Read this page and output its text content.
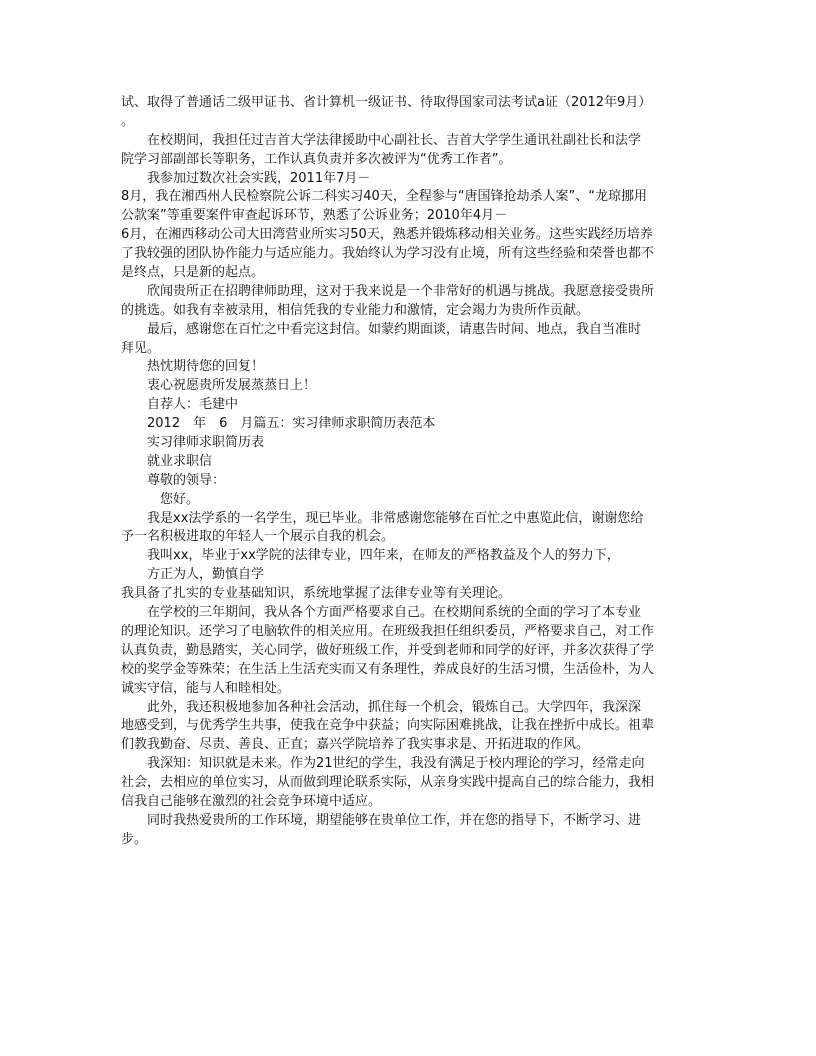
试、取得了普通话二级甲证书、省计算机一级证书、待取得国家司法考试a证（2012年9月）
。
　　在校期间，我担任过吉首大学法律援助中心副社长、吉首大学学生通讯社副社长和法学
院学习部副部长等职务，工作认真负责并多次被评为“优秀工作者”。
　　我参加过数次社会实践，2011年7月－
8月，我在湘西州人民检察院公诉二科实习40天，全程参与“唐国锋抢劫杀人案”、“龙琼挪用
公款案”等重要案件审查起诉环节，熟悉了公诉业务；2010年4月－
6月，在湘西移动公司大田湾营业所实习50天，熟悉并锻炼移动相关业务。这些实践经历培养
了我较强的团队协作能力与适应能力。我始终认为学习没有止境，所有这些经验和荣誉也都不
是终点，只是新的起点。
　　欣闻贵所正在招聘律师助理，这对于我来说是一个非常好的机遇与挑战。我愿意接受贵所
的挑选。如我有幸被录用，相信凭我的专业能力和激情，定会竭力为贵所作贡献。
　　最后，感谢您在百忙之中看完这封信。如蒙约期面谈，请惠告时间、地点，我自当准时
拜见。
　　热忱期待您的回复！
　　衷心祝愿贵所发展蒸蒸日上！
　　自荐人：毛建中
　　2012　年　6　月篇五：实习律师求职简历表范本
　　实习律师求职简历表
　　就业求职信
　　尊敬的领导：
　　　您好。
　　我是xx法学系的一名学生，现已毕业。非常感谢您能够在百忙之中惠览此信，谢谢您给
予一名积极进取的年轻人一个展示自我的机会。
　　我叫xx，毕业于xx学院的法律专业，四年来，在师友的严格教益及个人的努力下，
　　方正为人，勤慎自学
我具备了扎实的专业基础知识，系统地掌握了法律专业等有关理论。
　　在学校的三年期间，我从各个方面严格要求自己。在校期间系统的全面的学习了本专业
的理论知识。还学习了电脑软件的相关应用。在班级我担任组织委员，严格要求自己，对工作
认真负责，勤恳踏实，关心同学，做好班级工作，并受到老师和同学的好评，并多次获得了学
校的奖学金等殊荣；在生活上生活充实而又有条理性，养成良好的生活习惯，生活俭朴，为人
诚实守信，能与人和睦相处。
　　此外，我还积极地参加各种社会活动，抓住每一个机会，锻炼自己。大学四年，我深深
地感受到，与优秀学生共事，使我在竞争中获益；向实际困难挑战，让我在挫折中成长。祖辈
们教我勤奋、尽责、善良、正直；嘉兴学院培养了我实事求是、开拓进取的作风。
　　我深知：知识就是未来。作为21世纪的学生，我没有满足于校内理论的学习，经常走向
社会，去相应的单位实习，从而做到理论联系实际，从亲身实践中提高自己的综合能力，我相
信我自己能够在激烈的社会竞争环境中适应。
　　同时我热爱贵所的工作环境，期望能够在贵单位工作，并在您的指导下，不断学习、进
步。
